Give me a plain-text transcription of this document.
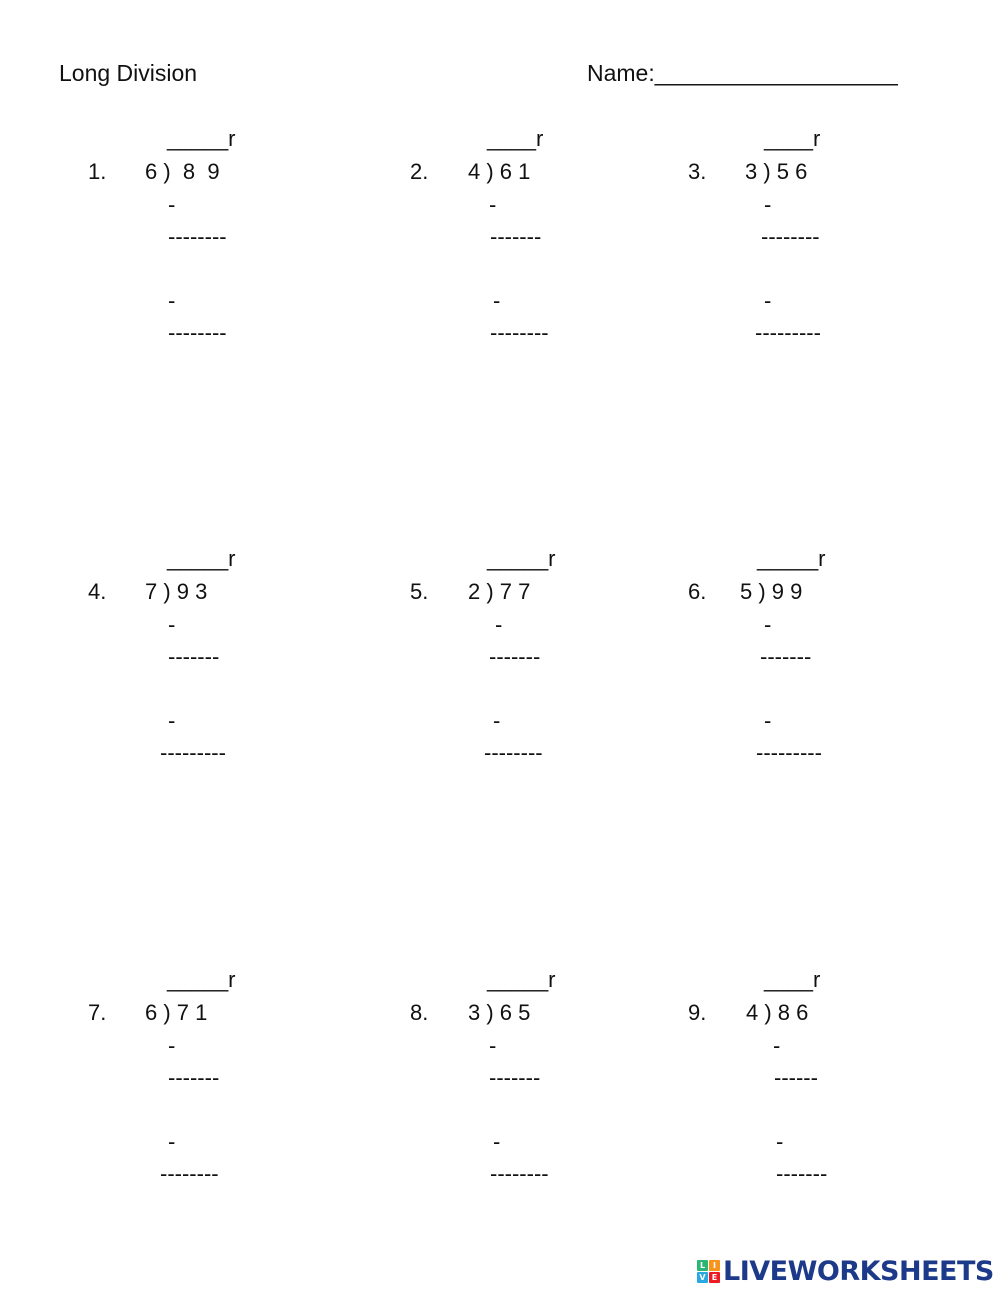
Long Division	Name:___________________
_____r
1. 6 )  8  9
-
--------
-
--------
____r
2. 4 ) 6 1
-
-------
-
--------
____r
3. 3 ) 5 6
-
--------
-
---------
_____r
4. 7 ) 9 3
-
-------
-
---------
_____r
5. 2 ) 7 7
-
-------
-
--------
_____r
6. 5 ) 9 9
-
-------
-
---------
_____r
7. 6 ) 7 1
-
-------
-
--------
_____r
8. 3 ) 6 5
-
-------
-
--------
____r
9. 4 ) 8 6
-
------
-
-------
L I
V E LIVEWORKSHEETS
